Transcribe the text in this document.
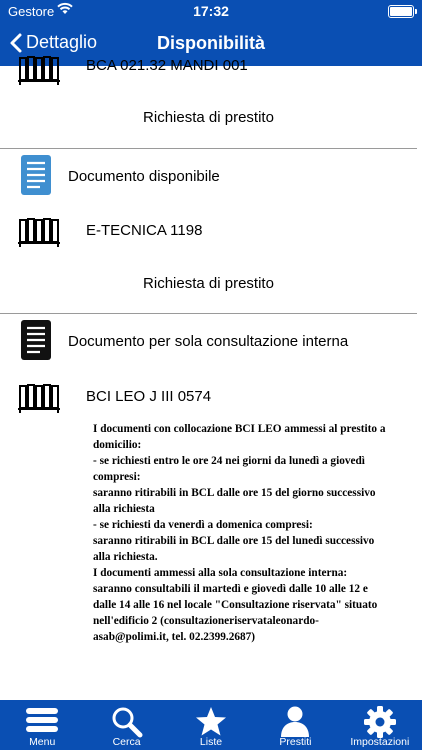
Gestore	17:32
Dettaglio	Disponibilità
BCA 021.32 MANDI 001
Richiesta di prestito
Documento disponibile
E-TECNICA 1198
Richiesta di prestito
Documento per sola consultazione interna
BCI LEO J III 0574

I documenti con collocazione BCI LEO ammessi al prestito a domicilio:

- se richiesti entro le ore 24 nei giorni da lunedì a giovedì compresi:

saranno ritirabili in BCL dalle ore 15 del giorno successivo alla richiesta

- se richiesti da venerdì a domenica compresi:

saranno ritirabili in BCL dalle ore 15 del lunedì successivo alla richiesta.

I documenti ammessi alla sola consultazione interna:

saranno consultabili il martedì e giovedì dalle 10 alle 12 e dalle 14 alle 16 nel locale "Consultazione riservata" situato nell'edificio 2 (consultazioneriservataleonardo-asab@polimi.it, tel. 02.2399.2687)

Menu	Cerca	Liste	Prestiti	Impostazioni
